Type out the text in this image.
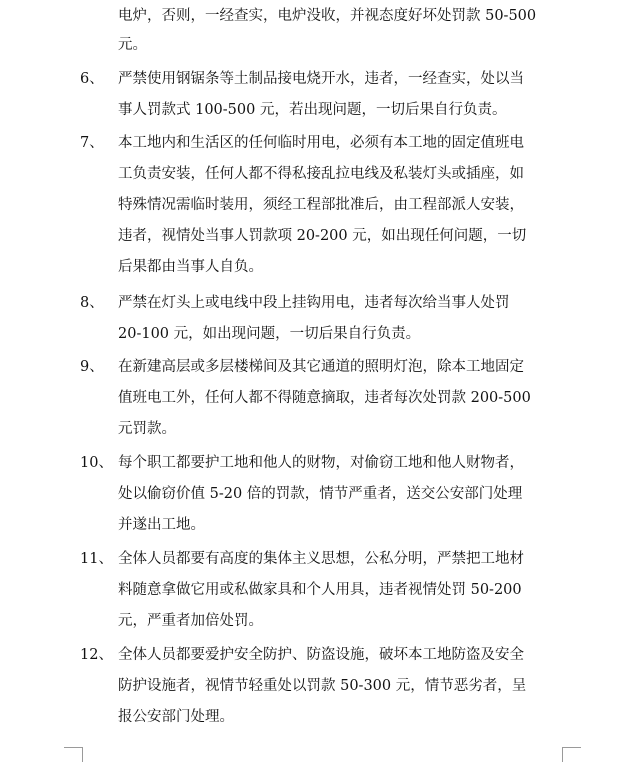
电炉，否则，一经查实，电炉没收，并视态度好坏处罚款 50-500
元。
6、 严禁使用钢锯条等土制品接电烧开水，违者，一经查实，处以当
事人罚款式 100-500 元，若出现问题，一切后果自行负责。
7、 本工地内和生活区的任何临时用电，必须有本工地的固定值班电
工负责安装，任何人都不得私接乱拉电线及私装灯头或插座，如
特殊情况需临时装用，须经工程部批准后，由工程部派人安装，
违者，视情处当事人罚款项 20-200 元，如出现任何问题，一切
后果都由当事人自负。
8、 严禁在灯头上或电线中段上挂钩用电，违者每次给当事人处罚
20-100 元，如出现问题，一切后果自行负责。
9、 在新建高层或多层楼梯间及其它通道的照明灯泡，除本工地固定
值班电工外，任何人都不得随意摘取，违者每次处罚款 200-500
元罚款。
10、 每个职工都要护工地和他人的财物，对偷窃工地和他人财物者，
处以偷窃价值 5-20 倍的罚款，情节严重者，送交公安部门处理
并遂出工地。
11、 全体人员都要有高度的集体主义思想，公私分明，严禁把工地材
料随意拿做它用或私做家具和个人用具，违者视情处罚 50-200
元，严重者加倍处罚。
12、 全体人员都要爱护安全防护、防盗设施，破坏本工地防盗及安全
防护设施者，视情节轻重处以罚款 50-300 元，情节恶劣者，呈
报公安部门处理。
